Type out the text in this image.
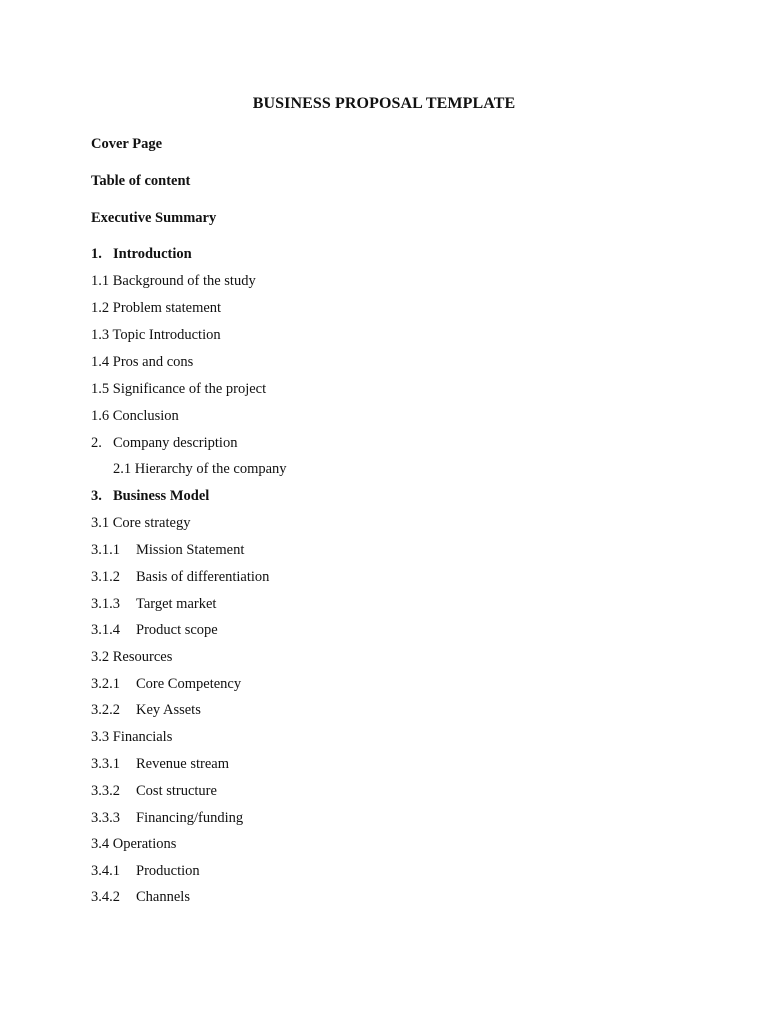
BUSINESS PROPOSAL TEMPLATE
Cover Page
Table of content
Executive Summary
1. Introduction
1.1 Background of the study
1.2 Problem statement
1.3 Topic Introduction
1.4 Pros and cons
1.5 Significance of the project
1.6 Conclusion
2. Company description
2.1 Hierarchy of the company
3. Business Model
3.1 Core strategy
3.1.1 Mission Statement
3.1.2 Basis of differentiation
3.1.3 Target market
3.1.4 Product scope
3.2 Resources
3.2.1 Core Competency
3.2.2 Key Assets
3.3 Financials
3.3.1 Revenue stream
3.3.2 Cost structure
3.3.3 Financing/funding
3.4 Operations
3.4.1 Production
3.4.2 Channels
